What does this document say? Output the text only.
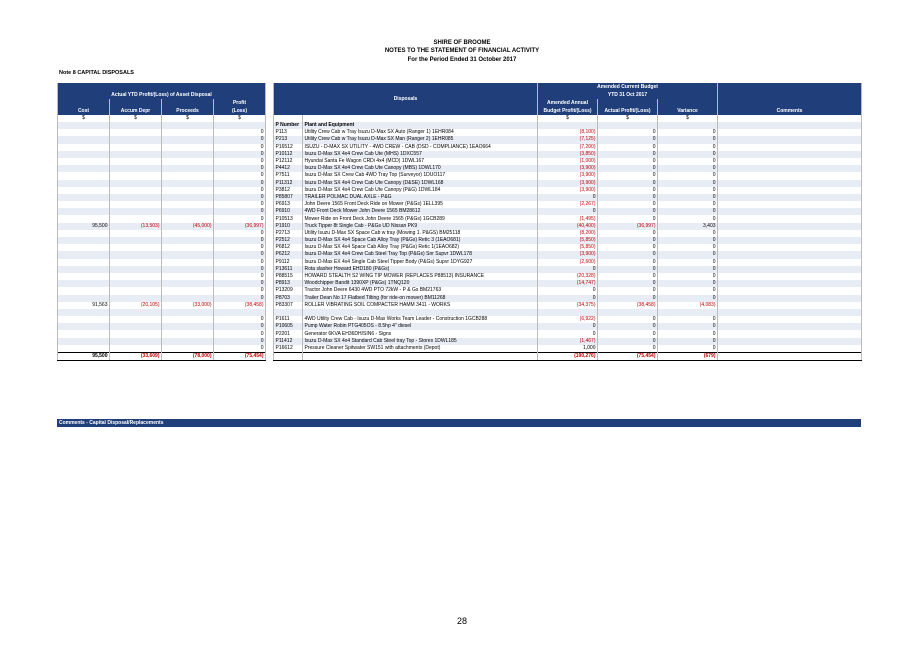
SHIRE OF BROOME
NOTES TO THE STATEMENT OF FINANCIAL ACTIVITY
For the Period Ended 31 October 2017
Note 8 CAPITAL DISPOSALS
							Amended Current Budget			
Actual YTD Profit/(Loss) of Asset Disposal					Disposals		YTD 31 Oct 2017			
			Profit				Amended Annual			
Cost	Accum Depr	Proceeds	(Loss)				Budget Profit/(Loss)	Actual Profit/(Loss)	Variance	Comments
$	$	$	$				$	$	$	
					P Number	Plant and Equipment				
			0		P113	Utility Crew Cab w Tray Isuzu D-Max SX Auto (Ranger 1) 1EHR084	(8,100)	0	0	
			0		P213	Utility Crew Cab w Tray Isuzu D-Max SX Man (Ranger 2) 1EHR085	(7,125)	0	0	
			0		P16512	ISUZU - D-MAX SX UTILITY - 4WD CREW - CAB (DSD - COMPLIANCE) 1EAO664	(7,200)	0	0	
			0		P10112	Isuzu D-Max SX 4x4 Crew Cab Ute (MHS) 1DXC557	(3,850)	0	0	
			0		P12112	Hyundai Santa Fe Wagon CRDi 4x4 (MCD) 1DWL167	(1,000)	0	0	
			0		P4412	Isuzu D-Max SX 4x4 Crew Cab Ute Canopy (MBS) 1DWL170	(3,900)	0	0	
			0		P7511	Isuzu D-Max SX Crew Cab 4WD Tray Top (Surveyor) 1DUO117	(3,900)	0	0	
			0		P11312	Isuzu D-Max SX 4x4 Crew Cab Ute Canopy (D&SE) 1DWL168	(3,900)	0	0	
			0		P3812	Isuzu D-Max SX 4x4 Crew Cab Ute Canopy (P&G) 1DWL184	(3,900)	0	0	
			0		P85807	TRAILER POLMAC DUAL AXLE - P&G	0	0	0	
			0		P6913	John Deere 1565 Front Deck Ride on Mower (P&Gs) 1ELL395	(2,267)	0	0	
			0		P6910	4WD Front Deck Mower John Deere 1565 BM28612	0	0	0	
			0		P10513	Mower Ride on Front Deck John Deere 1565 (P&Gs) 1GCB289	(1,495)	0	0	
95,500	(13,503)	(45,000)	(36,997)		P1910	Truck Tipper 8t Single Cab - P&Gs UD Nissan PK9	(40,400)	(36,997)	3,403	
			0		P2713	Utility Isuzu D-Max SX Space Cab w tray (Mowing 1. P&GS) BM25118	(8,200)	0	0	
			0		P2512	Isuzu D-Max SX 4x4 Space Cab Alloy Tray (P&Gs) Retic 3 (1EAO681)	(5,850)	0	0	
			0		P6812	Isuzu D-Max SX 4x4 Space Cab Alloy Tray (P&Gs) Retic 1(1EAO682)	(5,850)	0	0	
			0		P6212	Isuzu D-Max SX 4x4 Crew Cab Steel Tray Top (P&Gs) Snr Supvr 1DWL178	(3,900)	0	0	
			0		P9112	Isuzu D-Max EX 4x4 Single Cab Steel Tipper Body (P&Gs) Supvr 1DYG927	(2,600)	0	0	
			0		P13611	Rota slasher Howard EHD180 (P&Gs)	0	0	0	
			0		P88515	HOWARD STEALTH S2 WING TIP MOWER (REPLACES P88513) INSURANCE	(20,328)	0	0	
			0		P8913	Woodchipper Bandit 1390XP (P&Gs) 1TNQ120	(14,747)	0	0	
			0		P13209	Tractor John Deere 6430 4WD PTO 72kW - P & Gs BM21763	0	0	0	
			0		P8703	Trailer Dean No 17 Flatbed Tilting (for ride-on mower) BM11268	0	0	0	
91,563	(20,105)	(33,000)	(38,458)		P83307	ROLLER VIBRATING SOIL COMPACTER HAMM 3411 - WORKS	(34,375)	(38,458)	(4,083)	

			0		P1611	4WD Utility Crew Cab - Isuzu D-Max Works Team Leader - Construction 1GCB288	(6,922)	0	0	
			0		P10605	Pump Water Robin PTG405OS - 8.5hp 4" diesel	0	0	0	
			0		P2201	Generator 6KVA EH36DH/SIN6 - Signs	0	0	0	
			0		P11412	Isuzu D-Max SX 4x4 Standard Cab Steel tray Top - Stores 1DWL185	(1,467)	0	0	
			0		P16612	Pressure Cleaner Spitwater SW151 with attachments (Depot)	1,000	0	0	
95,500	(33,609)	(78,000)	(75,454)				(190,276)	(75,454)	(679)	
Comments - Capital Disposal/Replacements
28
